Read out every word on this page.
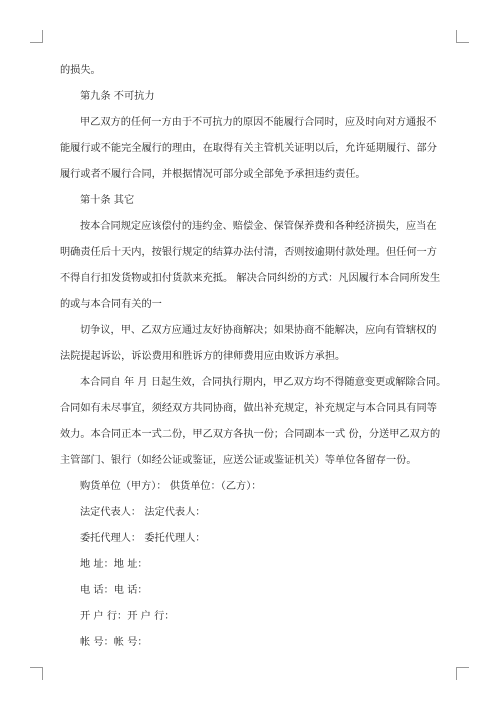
的损失。

第九条 不可抗力

甲乙双方的任何一方由于不可抗力的原因不能履行合同时，应及时向对方通报不

能履行或不能完全履行的理由，在取得有关主管机关证明以后，允许延期履行、部分

履行或者不履行合同，并根据情况可部分或全部免予承担违约责任。

第十条 其它

按本合同规定应该偿付的违约金、赔偿金、保管保养费和各种经济损失，应当在

明确责任后十天内，按银行规定的结算办法付清，否则按逾期付款处理。但任何一方

不得自行扣发货物或扣付货款来充抵。 解决合同纠纷的方式：凡因履行本合同所发生

的或与本合同有关的一

切争议，甲、乙双方应通过友好协商解决；如果协商不能解决，应向有管辖权的

法院提起诉讼，诉讼费用和胜诉方的律师费用应由败诉方承担。

本合同自 年 月 日起生效，合同执行期内，甲乙双方均不得随意变更或解除合同。

合同如有未尽事宜，须经双方共同协商，做出补充规定，补充规定与本合同具有同等

效力。本合同正本一式二份，甲乙双方各执一份；合同副本一式 份，分送甲乙双方的

主管部门、银行（如经公证或鉴证，应送公证或鉴证机关）等单位各留存一份。

购货单位（甲方）： 供货单位：（乙方）：

法定代表人： 法定代表人：

委托代理人： 委托代理人：

地 址：地 址：

电 话：电 话：

开 户 行：开 户 行：

帐 号：帐 号：
